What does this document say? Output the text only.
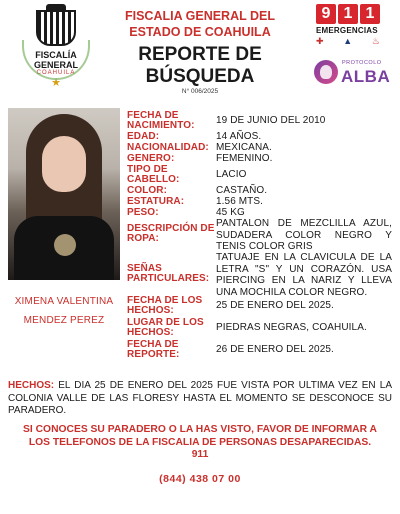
FISCALÍA
GENERAL
COAHUILA
★
FISCALIA GENERAL DEL
ESTADO DE COAHUILA
REPORTE DE
BÚSQUEDA
N° 006/2025
9 1 1
EMERGENCIAS
✚ ▲ ♨
PROTOCOLO
ALBA
XIMENA VALENTINA
MENDEZ PEREZ
FECHA DE
NACIMIENTO: 19 DE JUNIO DEL 2010
EDAD:	14 AÑOS.
NACIONALIDAD: MEXICANA.
GENERO:	FEMENINO.
TIPO DE
CABELLO:	LACIO
COLOR:	CASTAÑO.
ESTATURA:	1.56 MTS.
PESO:	45 KG
DESCRIPCIÓN DE
ROPA:
PANTALON DE MEZCLILLA AZUL, SUDADERA COLOR NEGRO Y TENIS COLOR GRIS
SEÑAS
PARTICULARES:
TATUAJE EN LA CLAVICULA DE LA LETRA "S" Y UN CORAZÓN. USA PIERCING EN LA NARIZ Y LLEVA UNA MOCHILA COLOR NEGRO.
FECHA DE LOS
HECHOS:	25 DE ENERO DEL 2025.
LUGAR DE LOS
HECHOS:	PIEDRAS NEGRAS, COAHUILA.
FECHA DE
REPORTE:	26 DE ENERO DEL 2025.
HECHOS: EL DIA 25 DE ENERO DEL 2025 FUE VISTA POR ULTIMA VEZ EN LA COLONIA VALLE DE LAS FLORESY HASTA EL MOMENTO SE DESCONOCE SU PARADERO.
SI CONOCES SU PARADERO O LA HAS VISTO, FAVOR DE INFORMAR A
LOS TELEFONOS DE LA FISCALIA DE PERSONAS DESAPARECIDAS.
911
(844) 438 07 00
